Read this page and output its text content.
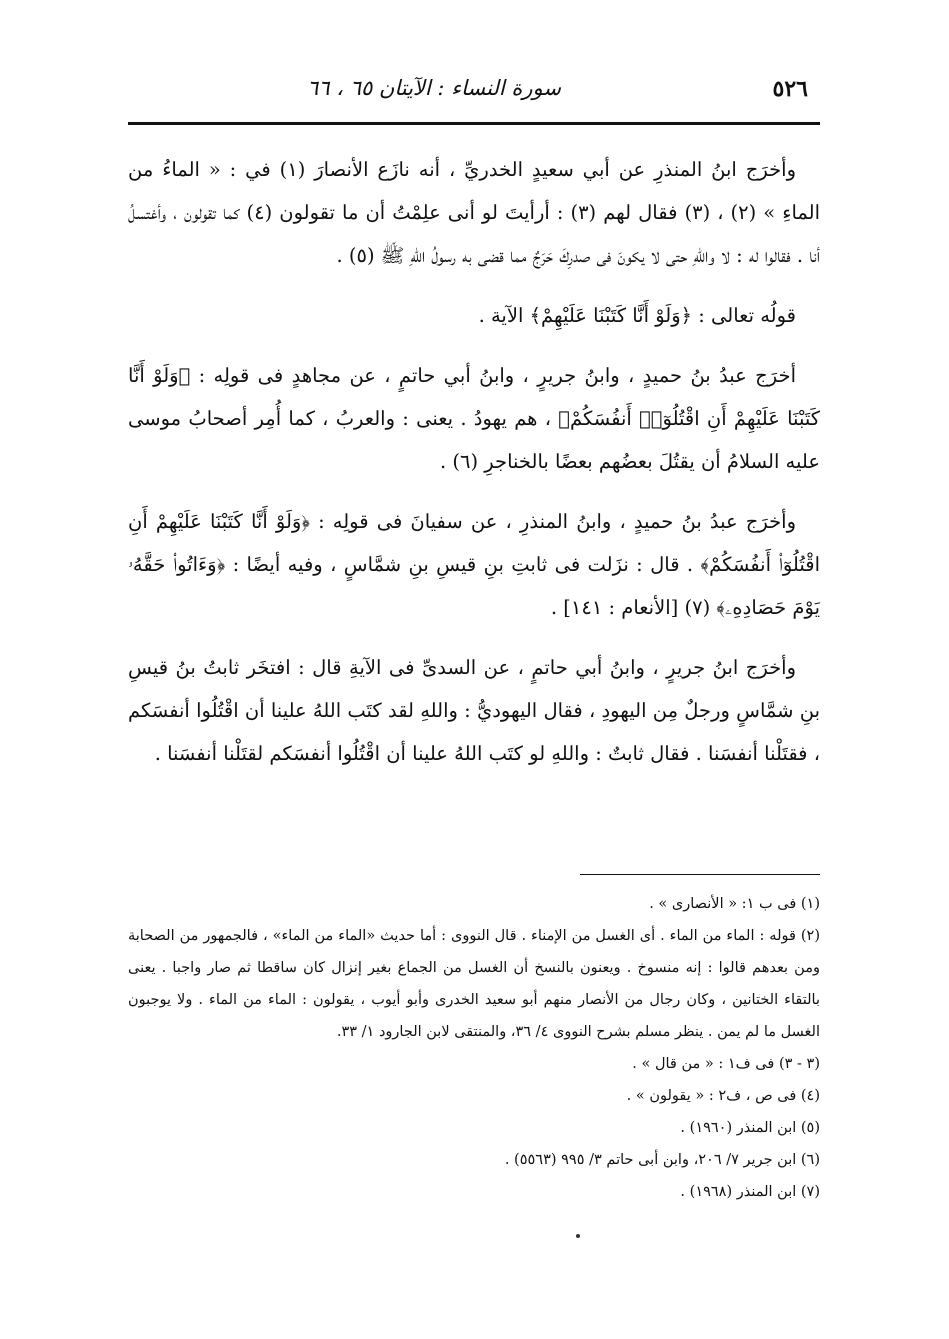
٥٢٦
سورة النساء : الآيتان ٦٥ ، ٦٦

وأخرَج ابنُ المنذرِ عن أبي سعيدٍ الخدريِّ ، أنه نازَع الأنصارَ (١) في : « الماءُ من الماءِ » (٢) ، (٣) فقال لهم (٣) : أرأيتَ لو أنى علِمْتُ أن ما تقولون (٤) كما تقولون ، وأغتسلُ أنا . فقالوا له : لا واللهِ حتى لا يكونَ فى صدرِكَ حَرَجٌ مما قضى به رسولُ اللهِ ﷺ (٥) .

قولُه تعالى : ﴿وَلَوْ أَنَّا كَتَبْنَا عَلَيْهِمْ﴾ الآية .

أخرَج عبدُ بنُ حميدٍ ، وابنُ جريرٍ ، وابنُ أبي حاتمٍ ، عن مجاهدٍ فى قولِه : ﴿وَلَوْ أَنَّا كَتَبْنَا عَلَيْهِمْ أَنِ اقْتُلُوٓا۟ أَنفُسَكُمْ﴾ ، هم يهودُ . يعنى : والعربُ ، كما أُمِر أصحابُ موسى عليه السلامُ أن يقتُلَ بعضُهم بعضًا بالخناجرِ (٦) .

وأخرَج عبدُ بنُ حميدٍ ، وابنُ المنذرِ ، عن سفيانَ فى قولِه : ﴿وَلَوْ أَنَّا كَتَبْنَا عَلَيْهِمْ أَنِ اقْتُلُوٓا۟ أَنفُسَكُمْ﴾ . قال : نزَلت فى ثابتِ بنِ قيسِ بنِ شمَّاسٍ ، وفيه أيضًا : ﴿وَءَاتُوا۟ حَقَّهُۥ يَوْمَ حَصَادِهِۦ﴾ (٧) [الأنعام : ١٤١] .

وأخرَج ابنُ جريرٍ ، وابنُ أبي حاتمٍ ، عن السدىِّ فى الآيةِ قال : افتخَر ثابتُ بنُ قيسِ بنِ شمَّاسٍ ورجلٌ مِن اليهودِ ، فقال اليهوديُّ : واللهِ لقد كتَب اللهُ علينا أن اقْتُلُوا أنفسَكم ، فقتَلْنا أنفسَنا . فقال ثابتٌ : واللهِ لو كتَب اللهُ علينا أن اقْتُلُوا أنفسَكم لقتَلْنا أنفسَنا .

(١) فى ب ١: « الأنصارى » .

(٢) قوله : الماء من الماء . أى الغسل من الإمناء . قال النووى : أما حديث «الماء من الماء» ، فالجمهور من الصحابة ومن بعدهم قالوا : إنه منسوخ . ويعنون بالنسخ أن الغسل من الجماع بغير إنزال كان ساقطا ثم صار واجبا . يعنى بالتقاء الختانين ، وكان رجال من الأنصار منهم أبو سعيد الخدرى وأبو أيوب ، يقولون : الماء من الماء . ولا يوجبون الغسل ما لم يمن . ينظر مسلم بشرح النووى ٤/ ٣٦، والمنتقى لابن الجارود ١/ ٣٣.

(٣ - ٣) فى ف١ : « من قال » .

(٤) فى ص ، ف٢ : « يقولون » .

(٥) ابن المنذر (١٩٦٠) .

(٦) ابن جرير ٧/ ٢٠٦، وابن أبى حاتم ٣/ ٩٩٥ (٥٥٦٣) .

(٧) ابن المنذر (١٩٦٨) .
